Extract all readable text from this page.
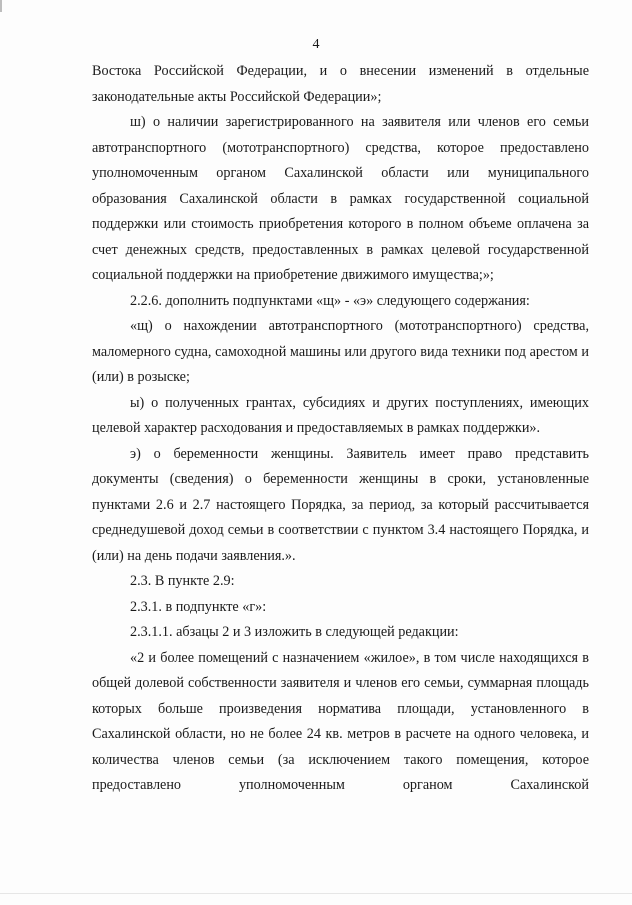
4

Востока Российской Федерации, и о внесении изменений в отдельные законодательные акты Российской Федерации»;

ш) о наличии зарегистрированного на заявителя или членов его семьи автотранспортного (мототранспортного) средства, которое предоставлено уполномоченным органом Сахалинской области или муниципального образования Сахалинской области в рамках государственной социальной поддержки или стоимость приобретения которого в полном объеме оплачена за счет денежных средств, предоставленных в рамках целевой государственной социальной поддержки на приобретение движимого имущества;»;

2.2.6. дополнить подпунктами «щ» - «э» следующего содержания:

«щ) о нахождении автотранспортного (мототранспортного) средства, маломерного судна, самоходной машины или другого вида техники под арестом и (или) в розыске;

ы) о полученных грантах, субсидиях и других поступлениях, имеющих целевой характер расходования и предоставляемых в рамках поддержки».

э) о беременности женщины. Заявитель имеет право представить документы (сведения) о беременности женщины в сроки, установленные пунктами 2.6 и 2.7 настоящего Порядка, за период, за который рассчитывается среднедушевой доход семьи в соответствии с пунктом 3.4 настоящего Порядка, и (или) на день подачи заявления.».

2.3. В пункте 2.9:

2.3.1. в подпункте «г»:

2.3.1.1. абзацы 2 и 3 изложить в следующей редакции:

«2 и более помещений с назначением «жилое», в том числе находящихся в общей долевой собственности заявителя и членов его семьи, суммарная площадь которых больше произведения норматива площади, установленного в Сахалинской области, но не более 24 кв. метров в расчете на одного человека, и количества членов семьи (за исключением такого помещения, которое предоставлено уполномоченным органом Сахалинской
